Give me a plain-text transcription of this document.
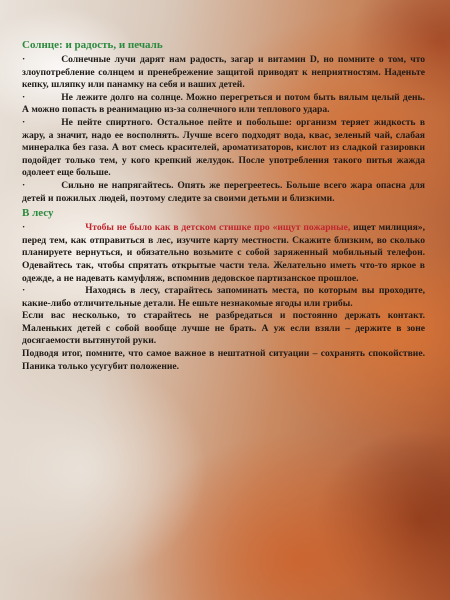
Солнце: и радость, и печаль

·	Солнечные лучи дарят нам радость, загар и витамин D, но помните о том, что злоупотребление солнцем и пренебрежение защитой приводят к неприятностям. Наденьте кепку, шляпку или панамку на себя и ваших детей.

·	Не лежите долго на солнце. Можно перегреться и потом быть вялым целый день. А можно попасть в реанимацию из-за солнечного или теплового удара.

·	Не пейте спиртного. Остальное пейте и побольше: организм теряет жидкость в жару, а значит, надо ее восполнять. Лучше всего подходят вода, квас, зеленый чай, слабая минералка без газа. А вот смесь красителей, ароматизаторов, кислот из сладкой газировки подойдет только тем, у кого крепкий желудок. После употребления такого питья жажда одолеет еще больше.

·	Сильно не напрягайтесь. Опять же перегреетесь. Больше всего жара опасна для детей и пожилых людей, поэтому следите за своими детьми и близкими.

В лесу

·	Чтобы не было как в детском стишке про «ищут пожарные, ищет милиция», перед тем, как отправиться в лес, изучите карту местности. Скажите близким, во сколько планируете вернуться, и обязательно возьмите с собой заряженный мобильный телефон. Одевайтесь так, чтобы спрятать открытые части тела. Желательно иметь что-то яркое в одежде, а не надевать камуфляж, вспомнив дедовское партизанское прошлое.

·	Находясь в лесу, старайтесь запоминать места, по которым вы проходите, какие-либо отличительные детали. Не ешьте незнакомые ягоды или грибы.

Если вас несколько, то старайтесь не разбредаться и постоянно держать контакт. Маленьких детей с собой вообще лучше не брать. А уж если взяли – держите в зоне досягаемости вытянутой руки.

Подводя итог, помните, что самое важное в нештатной ситуации – сохранять спокойствие. Паника только усугубит положение.
